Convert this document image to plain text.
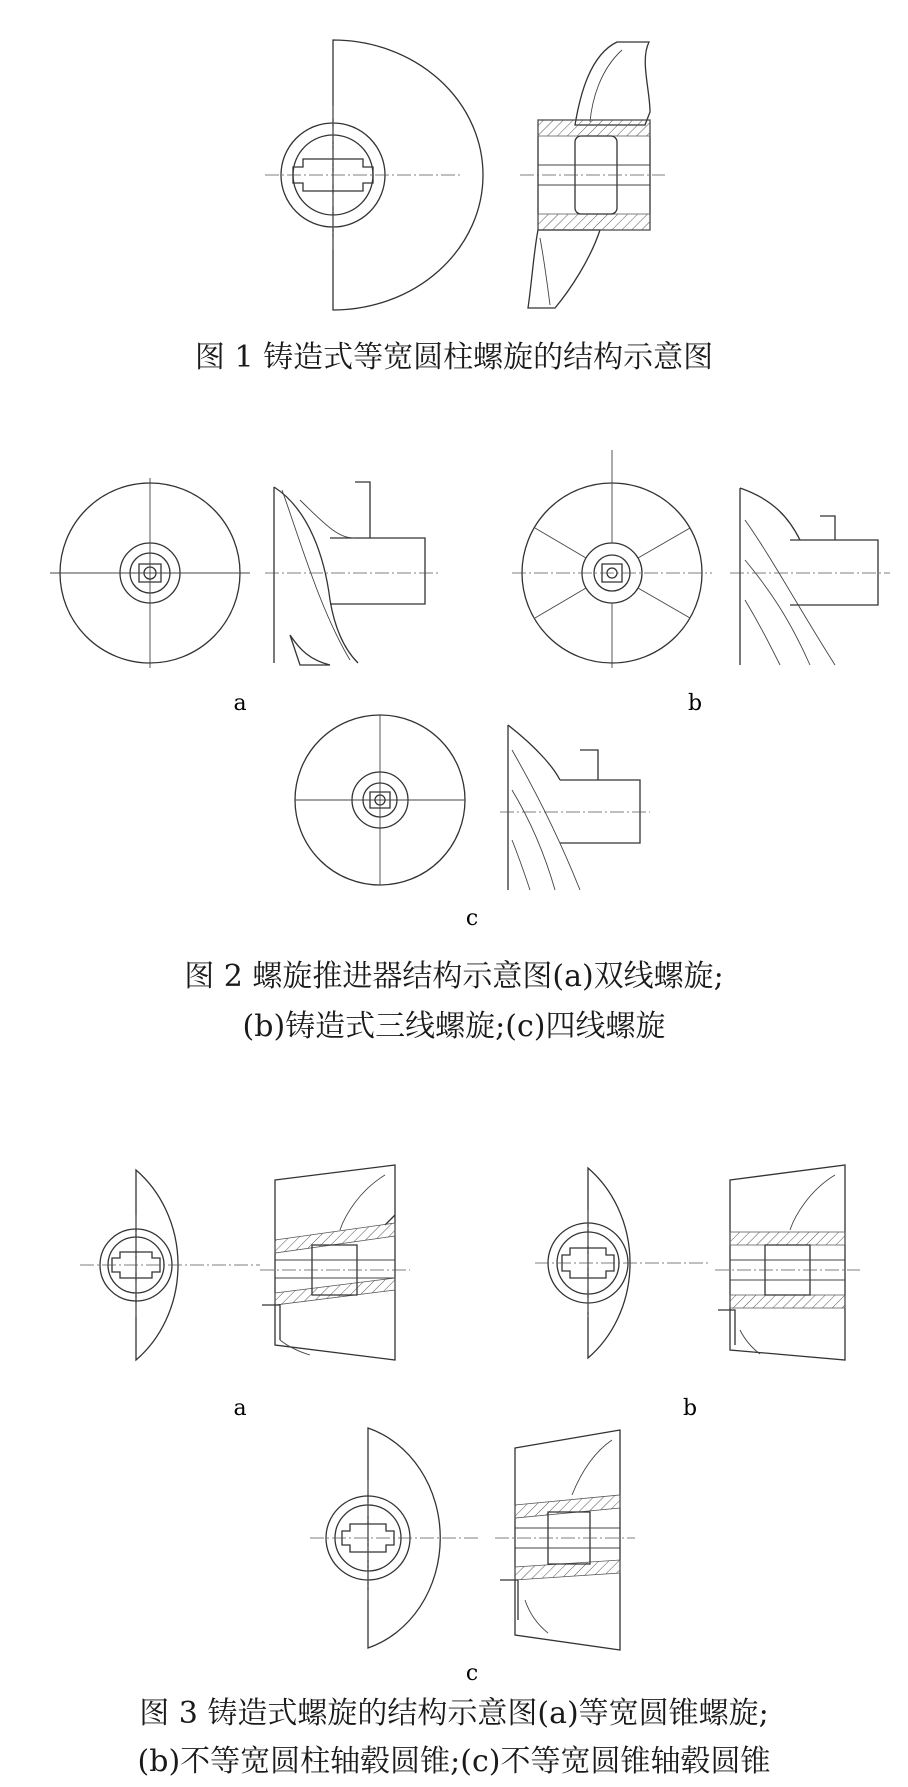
图 1 铸造式等宽圆柱螺旋的结构示意图
a	b
c
图 2 螺旋推进器结构示意图(a)双线螺旋;
(b)铸造式三线螺旋;(c)四线螺旋
a	b
c
图 3 铸造式螺旋的结构示意图(a)等宽圆锥螺旋;
(b)不等宽圆柱轴毂圆锥;(c)不等宽圆锥轴毂圆锥
